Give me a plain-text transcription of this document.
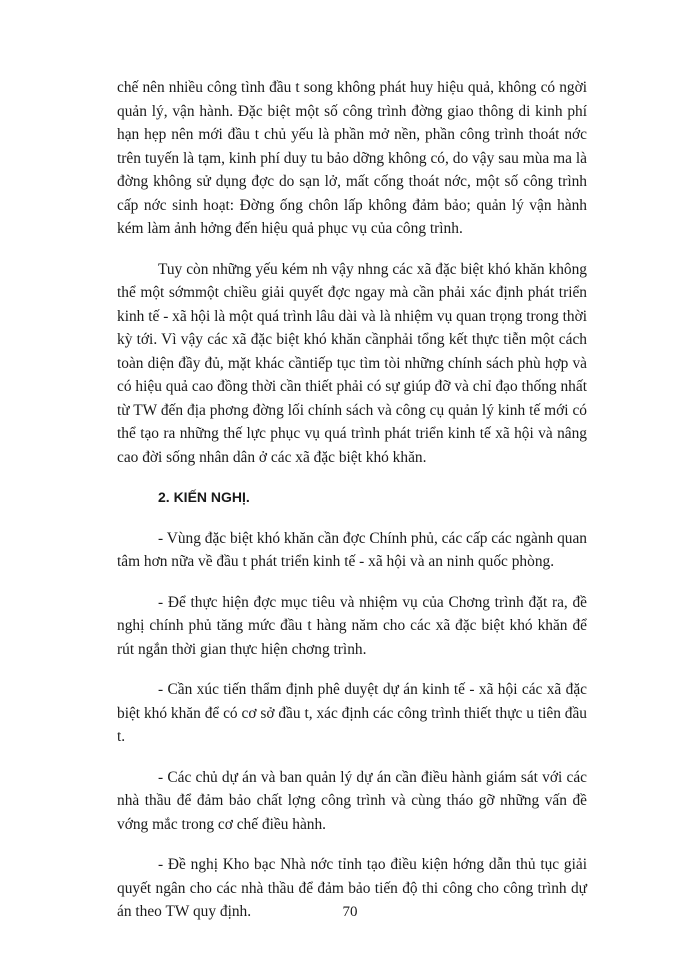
chế nên nhiều công tình đầu t song không phát huy hiệu quả, không có ngời quản lý, vận hành. Đặc biệt một số công trình đờng giao thông di kinh phí hạn hẹp nên mới đầu t chủ yếu là phần mở nền, phần công trình thoát nớc trên tuyến là tạm, kinh phí duy tu bảo dỡng không có, do vậy sau mùa ma là đờng không sử dụng đợc do sạn lở, mất cống thoát nớc, một số công trình cấp nớc sinh hoạt: Đờng ống chôn lấp không đảm bảo; quản lý vận hành kém làm ảnh hởng đến hiệu quả phục vụ của công trình.

Tuy còn những yếu kém nh vậy nhng các xã đặc biệt khó khăn không thể một sớmmột chiều giải quyết đợc ngay mà cần phải xác định phát triển kinh tế - xã hội là một quá trình lâu dài và là nhiệm vụ quan trọng trong thời kỳ tới. Vì vậy các xã đặc biệt khó khăn cầnphải tổng kết thực tiễn một cách toàn diện đầy đủ, mặt khác cầntiếp tục tìm tòi những chính sách phù hợp và có hiệu quả cao đồng thời cần thiết phải có sự giúp đỡ và chỉ đạo thống nhất từ TW đến địa phơng đờng lối chính sách và công cụ quản lý kinh tế mới có thể tạo ra những thế lực phục vụ quá trình phát triển kinh tế xã hội và nâng cao đời sống nhân dân ở các xã đặc biệt khó khăn.

2. KIẾN NGHỊ.

- Vùng đặc biệt khó khăn cần đợc Chính phủ, các cấp các ngành quan tâm hơn nữa về đầu t phát triển kinh tế - xã hội và an ninh quốc phòng.

- Để thực hiện đợc mục tiêu và nhiệm vụ của Chơng trình đặt ra, đề nghị chính phủ tăng mức đầu t hàng năm cho các xã đặc biệt khó khăn để rút ngắn thời gian thực hiện chơng trình.

- Cần xúc tiến thẩm định phê duyệt dự án kinh tế - xã hội các xã đặc biệt khó khăn để có cơ sở đầu t, xác định các công trình thiết thực u tiên đầu t.

- Các chủ dự án và ban quản lý dự án cần điều hành giám sát với các nhà thầu để đảm bảo chất lợng công trình và cùng tháo gỡ những vấn đề vớng mắc trong cơ chế điều hành.

- Đề nghị Kho bạc Nhà nớc tỉnh tạo điều kiện hớng dẫn thủ tục giải quyết ngân cho các nhà thầu để đảm bảo tiến độ thi công cho công trình dự án theo TW quy định.	70
